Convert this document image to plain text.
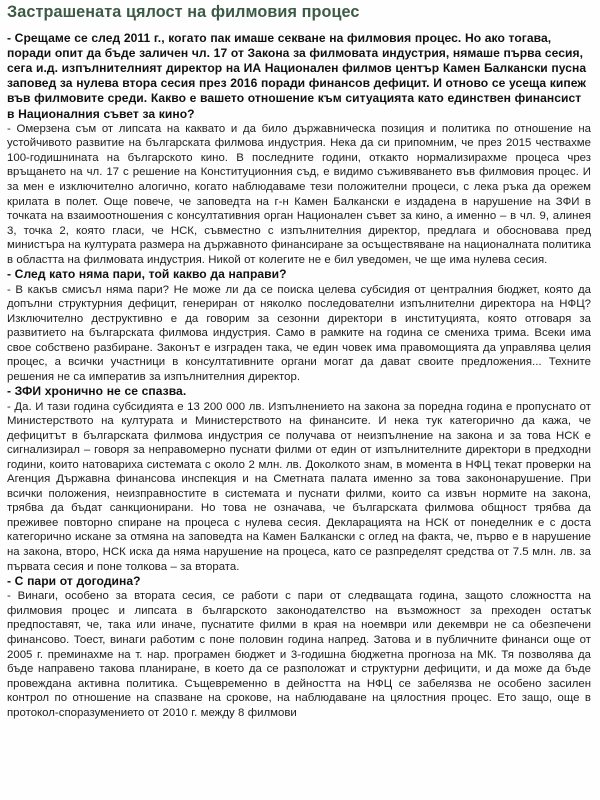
Застрашената цялост на филмовия процес

- Срещаме се след 2011 г., когато пак имаше секване на филмовия процес. Но ако тогава, поради опит да бъде заличен чл. 17 от Закона за филмовата индустрия, нямаше първа сесия, сега и.д. изпълнителният директор на ИА Национален филмов център Камен Балкански пусна заповед за нулева втора сесия през 2016 поради финансов дефицит. И отново се усеща кипеж във филмовите среди. Какво е вашето отношение към ситуацията като единствен финансист в Националния съвет за кино?

- Омерзена съм от липсата на каквато и да било държавническа позиция и политика по отношение на устойчивото развитие на българската филмова индустрия. Нека да си припомним, че през 2015 чествахме 100-годишнината на българското кино. В последните години, откакто нормализирахме процеса чрез връщането на чл. 17 с решение на Конституционния съд, е видимо съживяването във филмовия процес. И за мен е изключително алогично, когато наблюдаваме тези положителни процеси, с лека ръка да орежем крилата в полет. Още повече, че заповедта на г-н Камен Балкански е издадена в нарушение на ЗФИ в точката на взаимоотношения с консултативния орган Национален съвет за кино, а именно – в чл. 9, алинея 3, точка 2, която гласи, че НСК, съвместно с изпълнителния директор, предлага и обосновава пред министъра на културата размера на държавното финансиране за осъществяване на националната политика в областта на филмовата индустрия. Никой от колегите не е бил уведомен, че ще има нулева сесия.

- След като няма пари, той какво да направи?

- В какъв смисъл няма пари? Не може ли да се поиска целева субсидия от централния бюджет, която да допълни структурния дефицит, генериран от няколко последователни изпълнителни директора на НФЦ? Изключително деструктивно е да говорим за сезонни директори в институцията, която отговаря за развитието на българската филмова индустрия. Само в рамките на година се смениха трима. Всеки има свое собствено разбиране. Законът е изграден така, че един човек има правомощията да управлява целия процес, а всички участници в консултативните органи могат да дават своите предложения... Техните решения не са императив за изпълнителния директор.

- ЗФИ хронично не се спазва.

- Да. И тази година субсидията е 13 200 000 лв. Изпълнението на закона за поредна година е пропуснато от Министерството на културата и Министерството на финансите. И нека тук категорично да кажа, че дефицитът в българската филмова индустрия се получава от неизпълнение на закона и за това НСК е сигнализирал – говоря за неправомерно пуснати филми от един от изпълнителните директори в предходни години, които натовариха системата с около 2 млн. лв. Доколкото знам, в момента в НФЦ текат проверки на Агенция Държавна финансова инспекция и на Сметната палата именно за това закононарушение. При всички положения, неизправностите в системата и пуснати филми, които са извън нормите на закона, трябва да бъдат санкционирани. Но това не означава, че българската филмова общност трябва да преживее повторно спиране на процеса с нулева сесия. Декларацията на НСК от понеделник е с доста категорично искане за отмяна на заповедта на Камен Балкански с оглед на факта, че, първо е в нарушение на закона, второ, НСК иска да няма нарушение на процеса, като се разпределят средства от 7.5 млн. лв. за първата сесия и поне толкова – за втората.

- С пари от догодина?

- Винаги, особено за втората сесия, се работи с пари от следващата година, защото сложността на филмовия процес и липсата в българското законодателство на възможност за преходен остатък предпоставят, че, така или иначе, пуснатите филми в края на ноември или декември не са обезпечени финансово. Тоест, винаги работим с поне половин година напред. Затова и в публичните финанси още от 2005 г. преминахме на т. нар. програмен бюджет и 3-годишна бюджетна прогноза на МК. Тя позволява да бъде направено такова планиране, в което да се разположат и структурни дефицити, и да може да бъде провеждана активна политика. Същевременно в дейността на НФЦ се забелязва не особено засилен контрол по отношение на спазване на срокове, на наблюдаване на цялостния процес. Ето защо, още в протокол-споразумението от 2010 г. между 8 филмови
